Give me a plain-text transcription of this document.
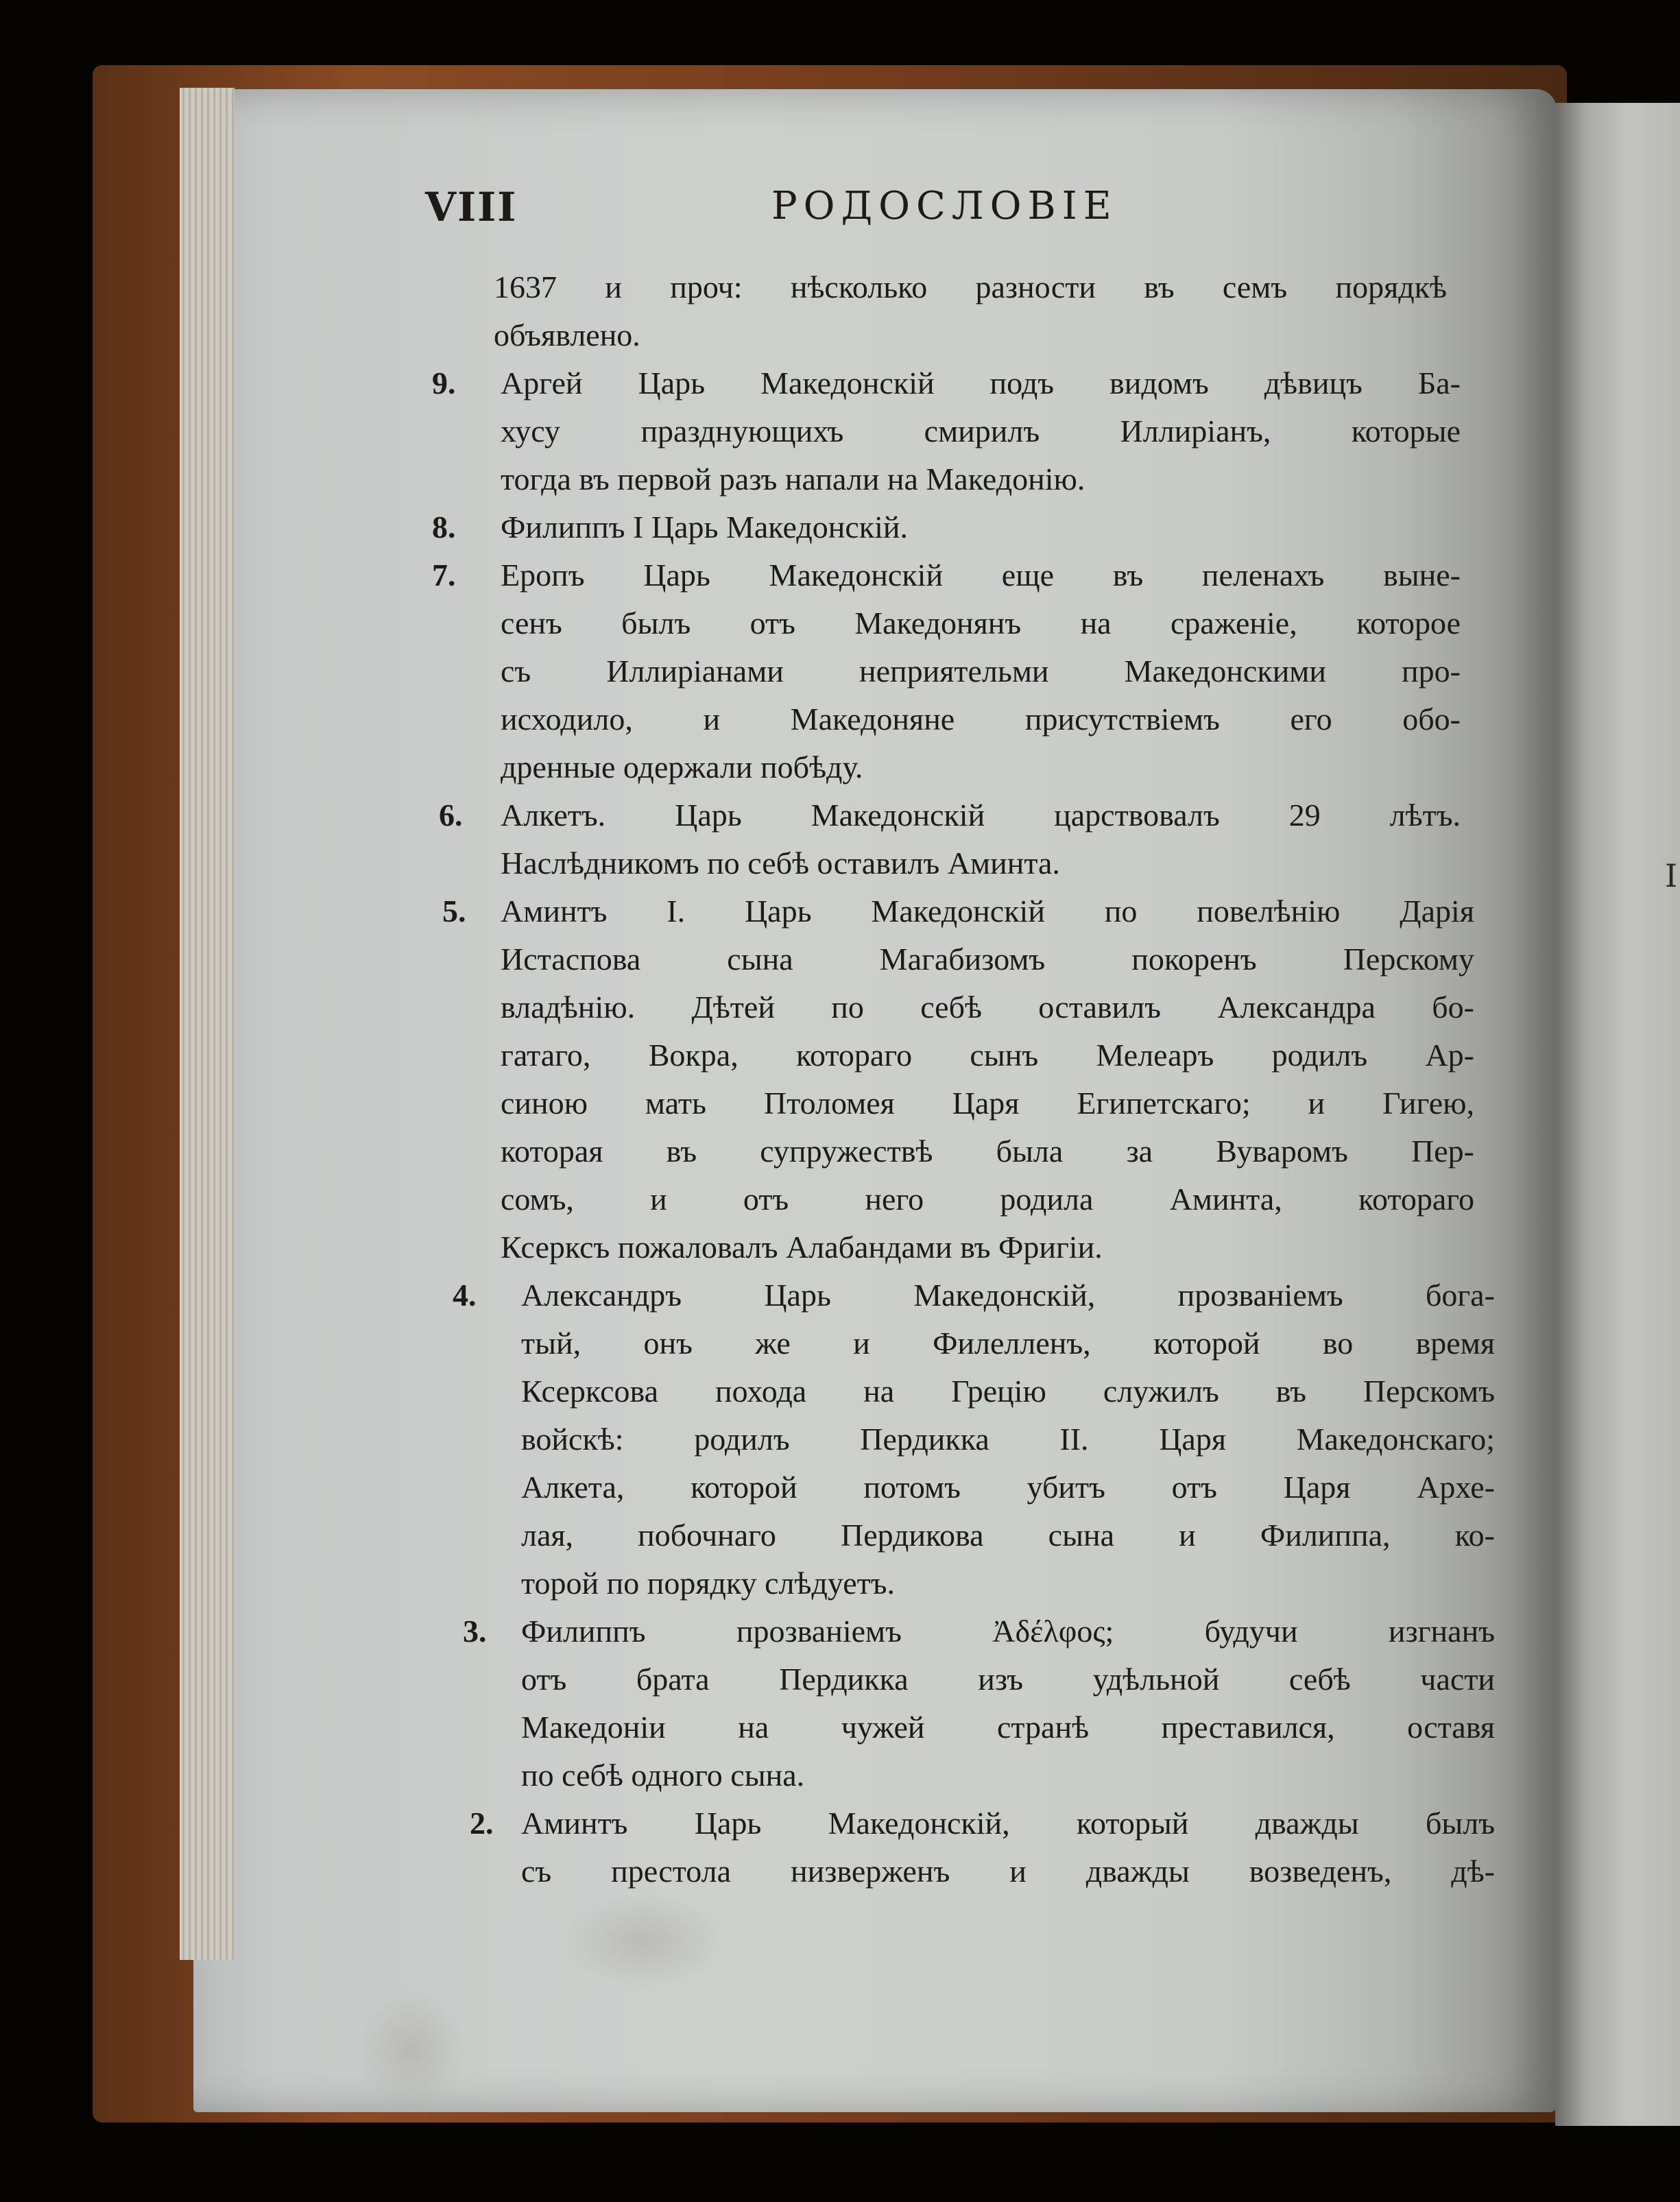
I
VIII	РОДОСЛОВIЕ
1637 и проч: нѣсколько разности въ семъ порядкѣ
объявлено.
Аргей Царь Македонскiй подъ видомъ дѣвицъ Ба-
хусу празднующихъ смирилъ Иллирiанъ, которые
тогда въ первой разъ напали на Македонiю.
Филиппъ I Царь Македонскiй.
Еропъ Царь Македонскiй еще въ пеленахъ выне-
сенъ былъ отъ Македонянъ на сраженiе, которое
съ Иллирiанами неприятельми Македонскими про-
исходило, и Македоняне присутствiемъ его обо-
дренные одержали побѣду.
Алкетъ. Царь Македонскiй царствовалъ 29 лѣтъ.
Наслѣдникомъ по себѣ оставилъ Аминта.
Аминтъ I. Царь Македонскiй по повелѣнiю Дарiя
Истаспова сына Магабизомъ покоренъ Перскому
владѣнiю. Дѣтей по себѣ оставилъ Александра бо-
гатаго, Вокра, котораго сынъ Мелеаръ родилъ Ар-
синою мать Птоломея Царя Египетскаго; и Гигею,
которая въ супружествѣ была за Вуваромъ Пер-
сомъ, и отъ него родила Аминта, котораго
Ксерксъ пожаловалъ Алабандами въ Фригiи.
Александръ Царь Македонскiй, прозванiемъ бога-
тый, онъ же и Филелленъ, которой во время
Ксерксова похода на Грецiю служилъ въ Перскомъ
войскѣ: родилъ Пердикка II. Царя Македонскаго;
Алкета, которой потомъ убитъ отъ Царя Архе-
лая, побочнаго Пердикова сына и Филиппа, ко-
торой по порядку слѣдуетъ.
Филиппъ прозванiемъ Ἀδέλφος; будучи изгнанъ
отъ брата Пердикка изъ удѣльной себѣ части
Македонiи на чужей странѣ преставился, оставя
по себѣ одного сына.
Аминтъ Царь Македонскiй, который дважды былъ
съ престола низверженъ и дважды возведенъ, дѣ-
9.
8.
7.
6.
5.
4.
3.
2.
